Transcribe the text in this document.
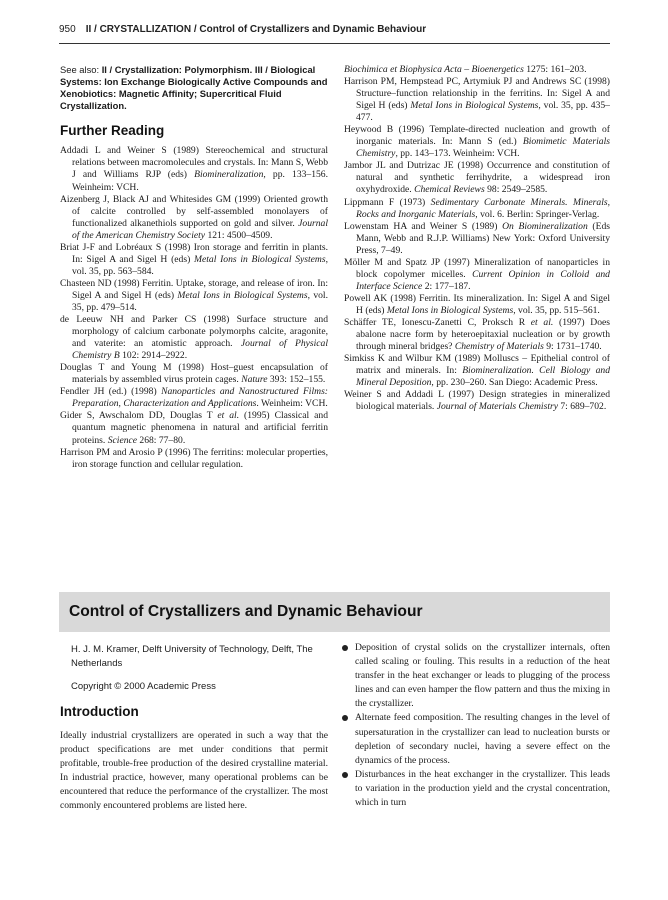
950 II / CRYSTALLIZATION / Control of Crystallizers and Dynamic Behaviour
See also: II / Crystallization: Polymorphism. III / Biological Systems: Ion Exchange Biologically Active Compounds and Xenobiotics: Magnetic Affinity; Supercritical Fluid Crystallization.
Further Reading
Addadi L and Weiner S (1989) Stereochemical and structural relations between macromolecules and crystals. In: Mann S, Webb J and Williams RJP (eds) Biomineralization, pp. 133–156. Weinheim: VCH.
Aizenberg J, Black AJ and Whitesides GM (1999) Oriented growth of calcite controlled by self-assembled monolayers of functionalized alkanethiols supported on gold and silver. Journal of the American Chemistry Society 121: 4500–4509.
Briat J-F and Lobréaux S (1998) Iron storage and ferritin in plants. In: Sigel A and Sigel H (eds) Metal Ions in Biological Systems, vol. 35, pp. 563–584.
Chasteen ND (1998) Ferritin. Uptake, storage, and release of iron. In: Sigel A and Sigel H (eds) Metal Ions in Biological Systems, vol. 35, pp. 479–514.
de Leeuw NH and Parker CS (1998) Surface structure and morphology of calcium carbonate polymorphs calcite, aragonite, and vaterite: an atomistic approach. Journal of Physical Chemistry B 102: 2914–2922.
Douglas T and Young M (1998) Host–guest encapsulation of materials by assembled virus protein cages. Nature 393: 152–155.
Fendler JH (ed.) (1998) Nanoparticles and Nanostructured Films: Preparation, Characterization and Applications. Weinheim: VCH.
Gider S, Awschalom DD, Douglas T et al. (1995) Classical and quantum magnetic phenomena in natural and artificial ferritin proteins. Science 268: 77–80.
Harrison PM and Arosio P (1996) The ferritins: molecular properties, iron storage function and cellular regulation.
Biochimica et Biophysica Acta – Bioenergetics 1275: 161–203.
Harrison PM, Hempstead PC, Artymiuk PJ and Andrews SC (1998) Structure–function relationship in the ferritins. In: Sigel A and Sigel H (eds) Metal Ions in Biological Systems, vol. 35, pp. 435–477.
Heywood B (1996) Template-directed nucleation and growth of inorganic materials. In: Mann S (ed.) Biomimetic Materials Chemistry, pp. 143–173. Weinheim: VCH.
Jambor JL and Dutrizac JE (1998) Occurrence and constitution of natural and synthetic ferrihydrite, a widespread iron oxyhydroxide. Chemical Reviews 98: 2549–2585.
Lippmann F (1973) Sedimentary Carbonate Minerals. Minerals, Rocks and Inorganic Materials, vol. 6. Berlin: Springer-Verlag.
Lowenstam HA and Weiner S (1989) On Biomineralization (Eds Mann, Webb and R.J.P. Williams) New York: Oxford University Press, 7–49.
Möller M and Spatz JP (1997) Mineralization of nanoparticles in block copolymer micelles. Current Opinion in Colloid and Interface Science 2: 177–187.
Powell AK (1998) Ferritin. Its mineralization. In: Sigel A and Sigel H (eds) Metal Ions in Biological Systems, vol. 35, pp. 515–561.
Schäffer TE, Ionescu-Zanetti C, Proksch R et al. (1997) Does abalone nacre form by heteroepitaxial nucleation or by growth through mineral bridges? Chemistry of Materials 9: 1731–1740.
Simkiss K and Wilbur KM (1989) Molluscs – Epithelial control of matrix and minerals. In: Biomineralization. Cell Biology and Mineral Deposition, pp. 230–260. San Diego: Academic Press.
Weiner S and Addadi L (1997) Design strategies in mineralized biological materials. Journal of Materials Chemistry 7: 689–702.
Control of Crystallizers and Dynamic Behaviour
H. J. M. Kramer, Delft University of Technology, Delft, The Netherlands
Copyright © 2000 Academic Press
Introduction
Ideally industrial crystallizers are operated in such a way that the product specifications are met under conditions that permit profitable, trouble-free production of the desired crystalline material. In industrial practice, however, many operational problems can be encountered that reduce the performance of the crystallizer. The most commonly encountered problems are listed here.
Deposition of crystal solids on the crystallizer internals, often called scaling or fouling. This results in a reduction of the heat transfer in the heat exchanger or leads to plugging of the process lines and can even hamper the flow pattern and thus the mixing in the crystallizer.
Alternate feed composition. The resulting changes in the level of supersaturation in the crystallizer can lead to nucleation bursts or depletion of secondary nuclei, having a severe effect on the dynamics of the process.
Disturbances in the heat exchanger in the crystallizer. This leads to variation in the production yield and the crystal concentration, which in turn
